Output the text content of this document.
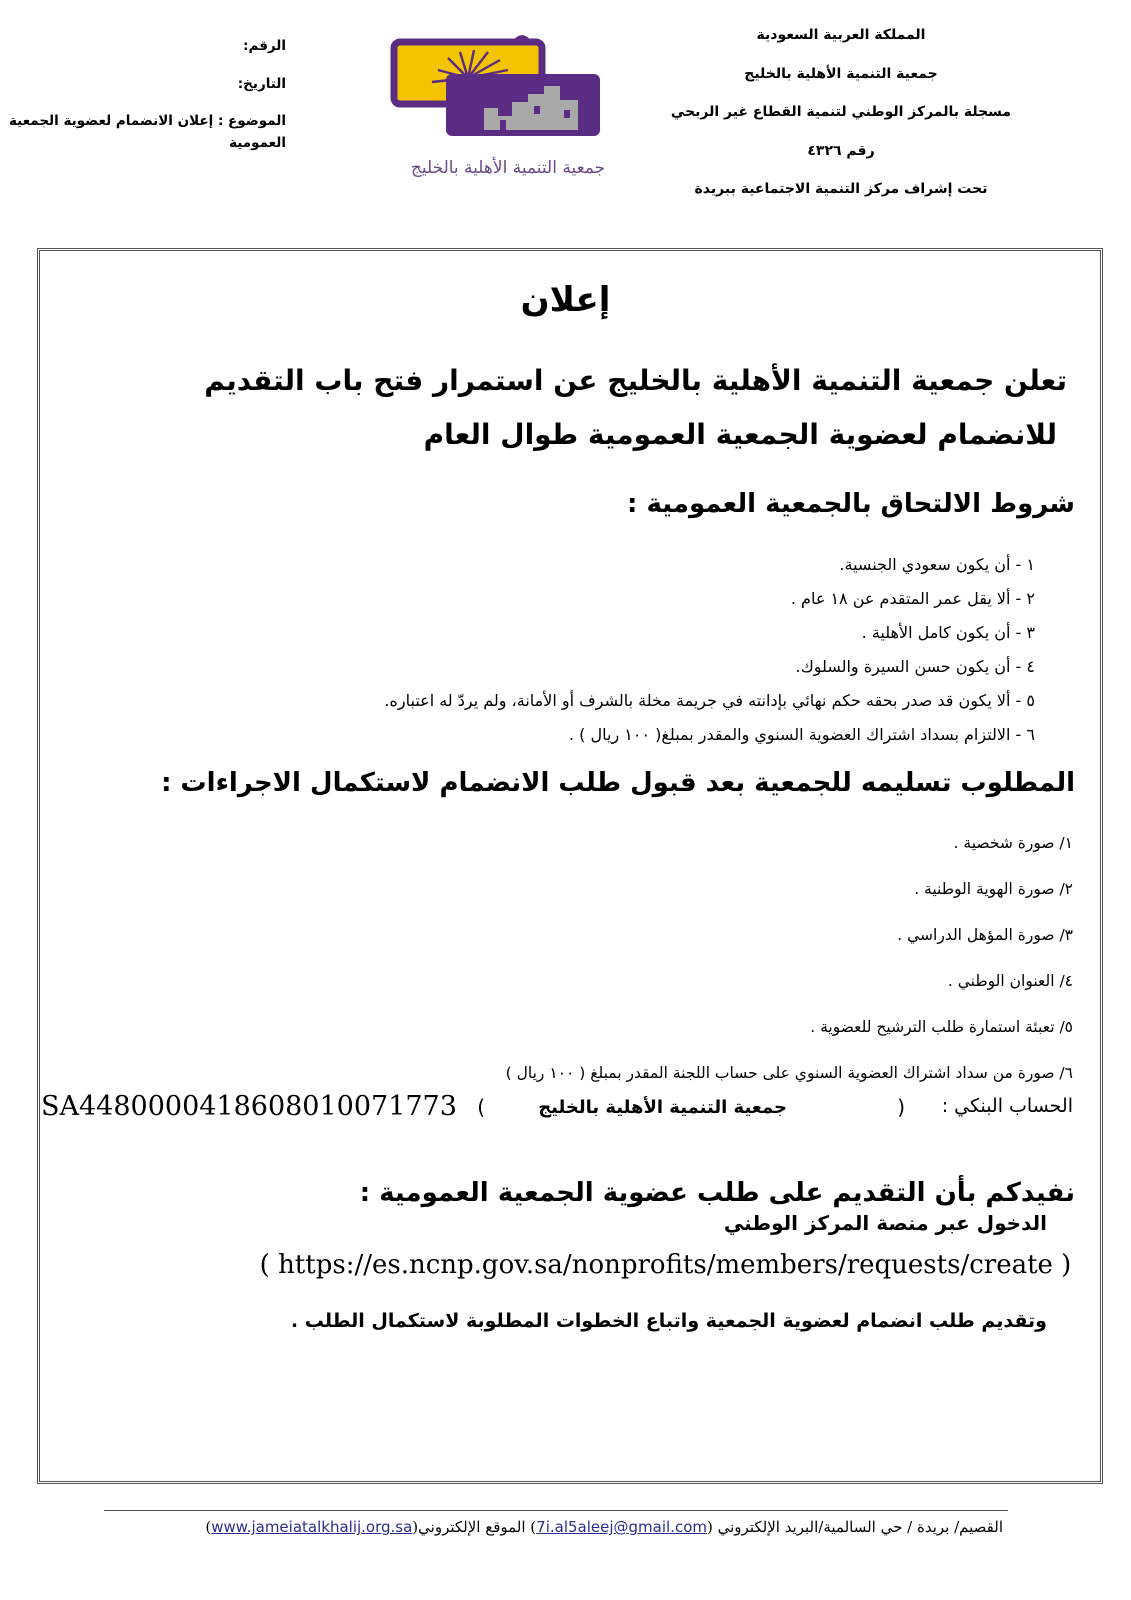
المملكة العربية السعودية
جمعية التنمية الأهلية بالخليج
مسجلة بالمركز الوطني لتنمية القطاع غير الربحي
رقم ٤٣٢٦
تحت إشراف مركز التنمية الاجتماعية ببريدة
الرقم:
التاريخ:
الموضوع : إعلان الانضمام لعضوية الجمعية العمومية
جمعية التنمية الأهلية بالخليج
إعلان
تعلن جمعية التنمية الأهلية بالخليج عن استمرار فتح باب التقديم
للانضمام لعضوية الجمعية العمومية طوال العام
شروط الالتحاق بالجمعية العمومية :
١ - أن يكون سعودي الجنسية.
٢ - ألا يقل عمر المتقدم عن ١٨ عام .
٣ - أن يكون كامل الأهلية .
٤ - أن يكون حسن السيرة والسلوك.
٥ - ألا يكون قد صدر بحقه حكم نهائي بإدانته في جريمة مخلة بالشرف أو الأمانة، ولم يردّ له اعتباره.
٦ - الالتزام بسداد اشتراك العضوية السنوي والمقدر بمبلغ( ١٠٠ ريال ) .
المطلوب تسليمه للجمعية بعد قبول طلب الانضمام لاستكمال الاجراءات :
١/ صورة شخصية .
٢/ صورة الهوية الوطنية .
٣/ صورة المؤهل الدراسي .
٤/ العنوان الوطني .
٥/ تعبئة استمارة طلب الترشيح للعضوية .
٦/ صورة من سداد اشتراك العضوية السنوي على حساب اللجنة المقدر بمبلغ ( ١٠٠ ريال )
الحساب البنكي :
(
جمعية التنمية الأهلية بالخليج
)
SA4480000418608010071773
نفيدكم بأن التقديم على طلب عضوية الجمعية العمومية :
الدخول عبر منصة المركز الوطني
( https://es.ncnp.gov.sa/nonprofits/members/requests/create )
وتقديم طلب انضمام لعضوية الجمعية واتباع الخطوات المطلوبة لاستكمال الطلب .
القصيم/ بريدة / حي السالمية/البريد الإلكتروني (7i.al5aleej@gmail.com) الموقع الإلكتروني(www.jameiatalkhalij.org.sa)
